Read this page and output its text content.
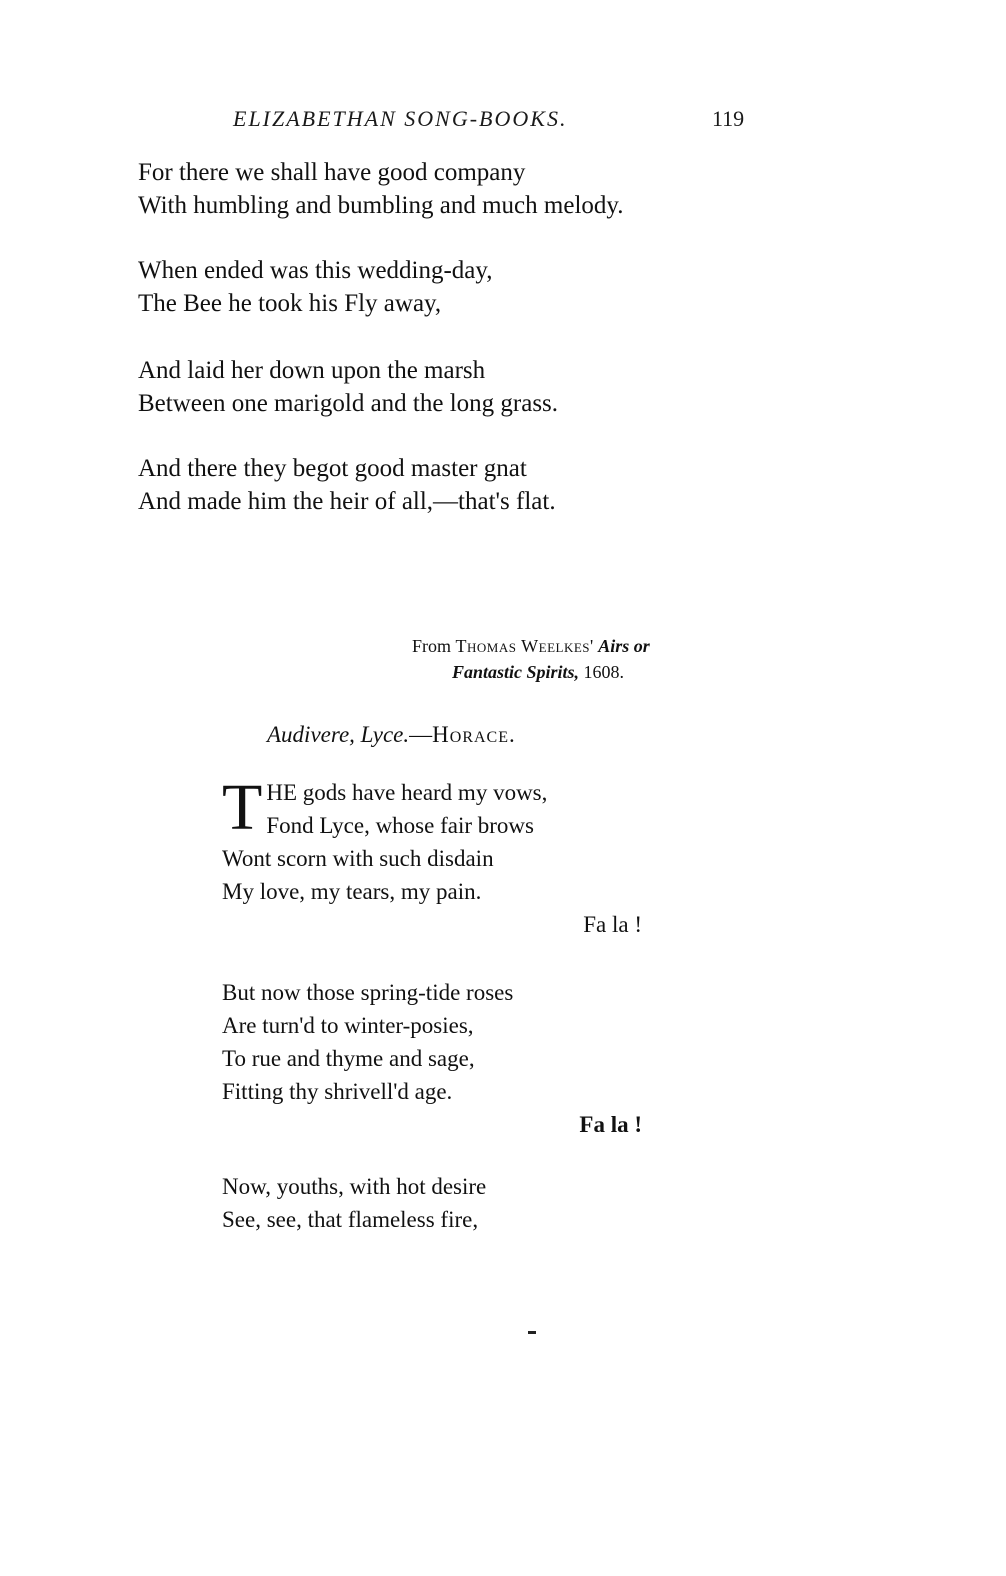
ELIZABETHAN SONG-BOOKS.	119
For there we shall have good company
With humbling and bumbling and much melody.
When ended was this wedding-day,
The Bee he took his Fly away,
And laid her down upon the marsh
Between one marigold and the long grass.
And there they begot good master gnat
And made him the heir of all,—that's flat.
From Thomas Weelkes' Airs or
Fantastic Spirits, 1608.
Audivere, Lyce.—Horace.
T HE gods have heard my vows,
Fond Lyce, whose fair brows
Wont scorn with such disdain
My love, my tears, my pain.
Fa la !
But now those spring-tide roses
Are turn'd to winter-posies,
To rue and thyme and sage,
Fitting thy shrivell'd age.
Fa la !
Now, youths, with hot desire
See, see, that flameless fire,
